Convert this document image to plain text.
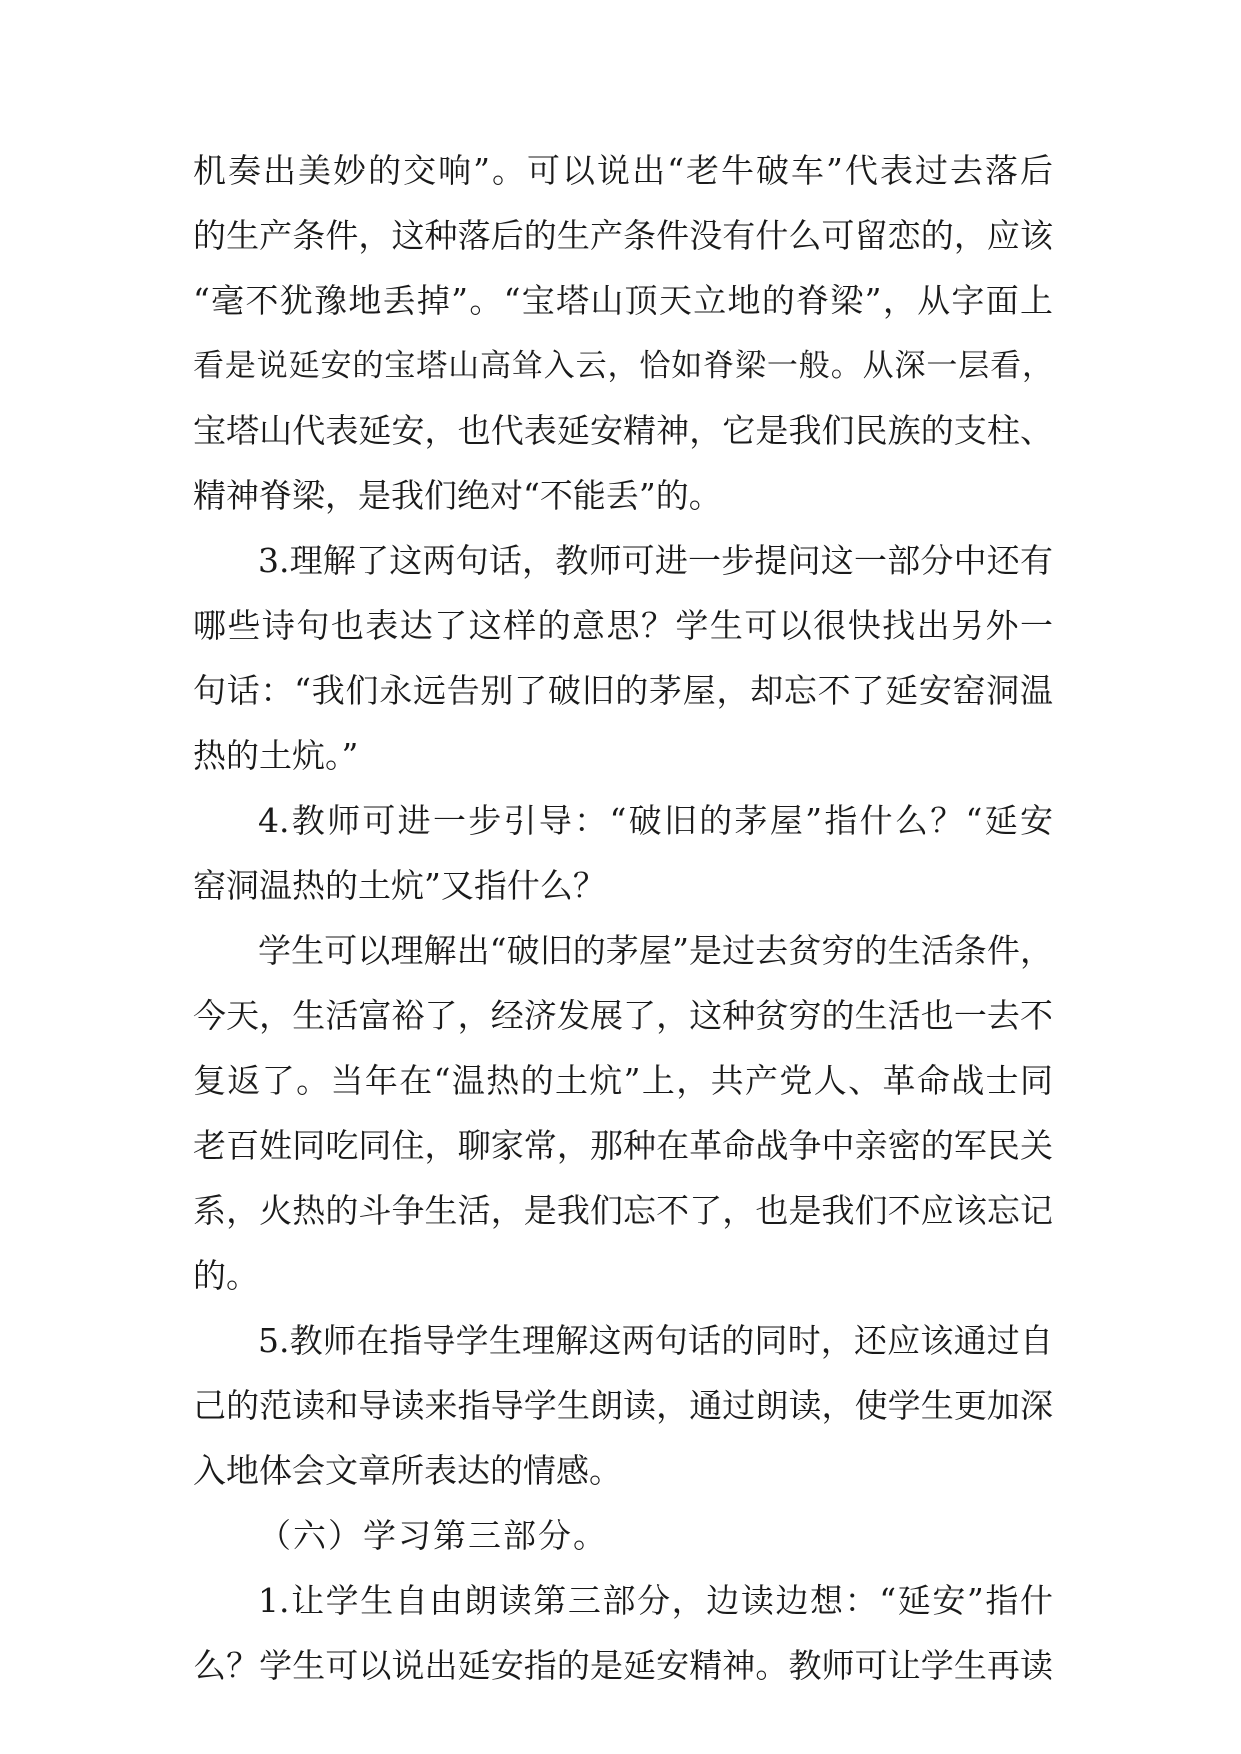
机奏出美妙的交响”。可以说出“老牛破车”代表过去落后
的生产条件，这种落后的生产条件没有什么可留恋的，应该
“毫不犹豫地丢掉”。“宝塔山顶天立地的脊梁”，从字面上
看是说延安的宝塔山高耸入云，恰如脊梁一般。从深一层看，
宝塔山代表延安，也代表延安精神，它是我们民族的支柱、
精神脊梁，是我们绝对“不能丢”的。
3.理解了这两句话，教师可进一步提问这一部分中还有
哪些诗句也表达了这样的意思？学生可以很快找出另外一
句话：“我们永远告别了破旧的茅屋，却忘不了延安窑洞温
热的土炕。”
4.教师可进一步引导：“破旧的茅屋”指什么？“延安
窑洞温热的土炕”又指什么？
学生可以理解出“破旧的茅屋”是过去贫穷的生活条件，
今天，生活富裕了，经济发展了，这种贫穷的生活也一去不
复返了。当年在“温热的土炕”上，共产党人、革命战士同
老百姓同吃同住，聊家常，那种在革命战争中亲密的军民关
系，火热的斗争生活，是我们忘不了，也是我们不应该忘记
的。
5.教师在指导学生理解这两句话的同时，还应该通过自
己的范读和导读来指导学生朗读，通过朗读，使学生更加深
入地体会文章所表达的情感。
（六）学习第三部分。
1.让学生自由朗读第三部分，边读边想：“延安”指什
么？学生可以说出延安指的是延安精神。教师可让学生再读
